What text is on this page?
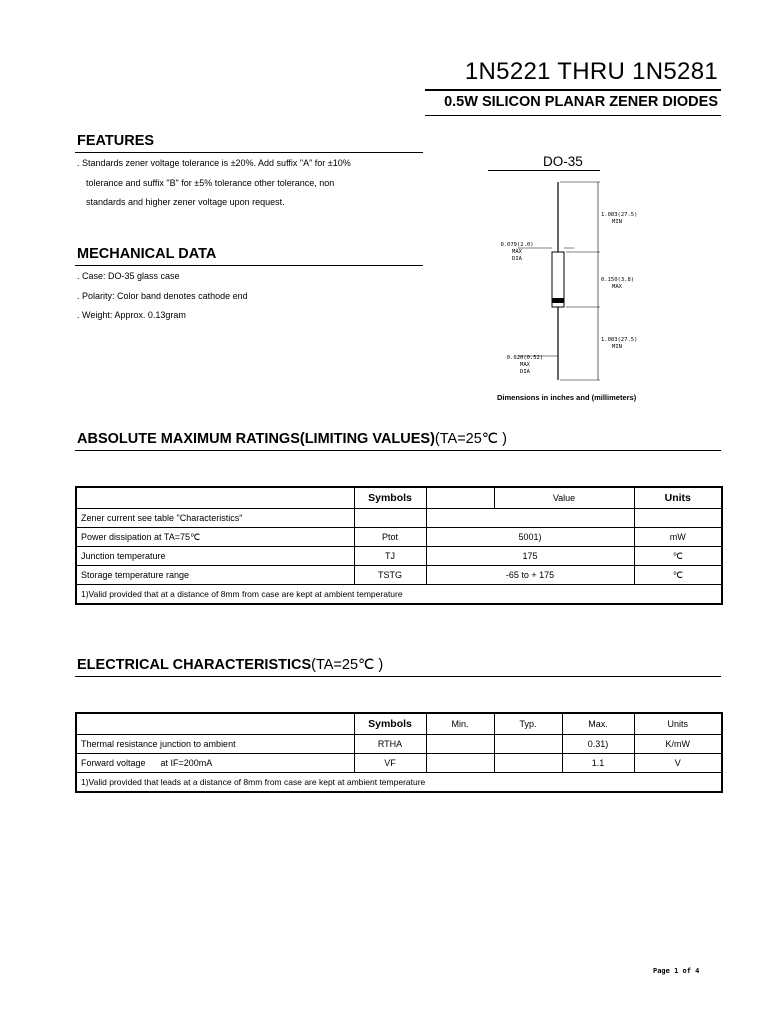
1N5221 THRU 1N5281
0.5W SILICON PLANAR ZENER DIODES
FEATURES
. Standards zener voltage tolerance is ±20%. Add suffix "A" for ±10%
tolerance and suffix "B" for ±5% tolerance other tolerance, non
standards and higher zener voltage upon request.
MECHANICAL DATA
. Case: DO-35 glass case
. Polarity: Color band denotes cathode end
. Weight: Approx. 0.13gram
DO-35
1.083(27.5)
MIN
0.079(2.0)
MAX
DIA
0.150(3.8)
MAX
1.083(27.5)
MIN
0.020(0.52)
MAX
DIA
Dimensions in inches and (millimeters)
ABSOLUTE MAXIMUM RATINGS(LIMITING VALUES)(TA=25℃ )
	Symbols		Value	Units
Zener current see table "Characteristics"				
Power dissipation at TA=75℃	Ptot	5001)		mW
Junction temperature	TJ	175		℃
Storage temperature range	TSTG	-65 to + 175		℃
1)Valid provided that at a distance of 8mm from case are kept at ambient temperature				
ELECTRICAL CHARACTERISTICS(TA=25℃ )
	Symbols	Min.	Typ.	Max.	Units
Thermal resistance junction to ambient	RTHA			0.31)	K/mW
Forward voltage      at IF=200mA	VF			1.1	V
1)Valid provided that leads at a distance of 8mm from case are kept at ambient temperature					
Page 1 of 4
